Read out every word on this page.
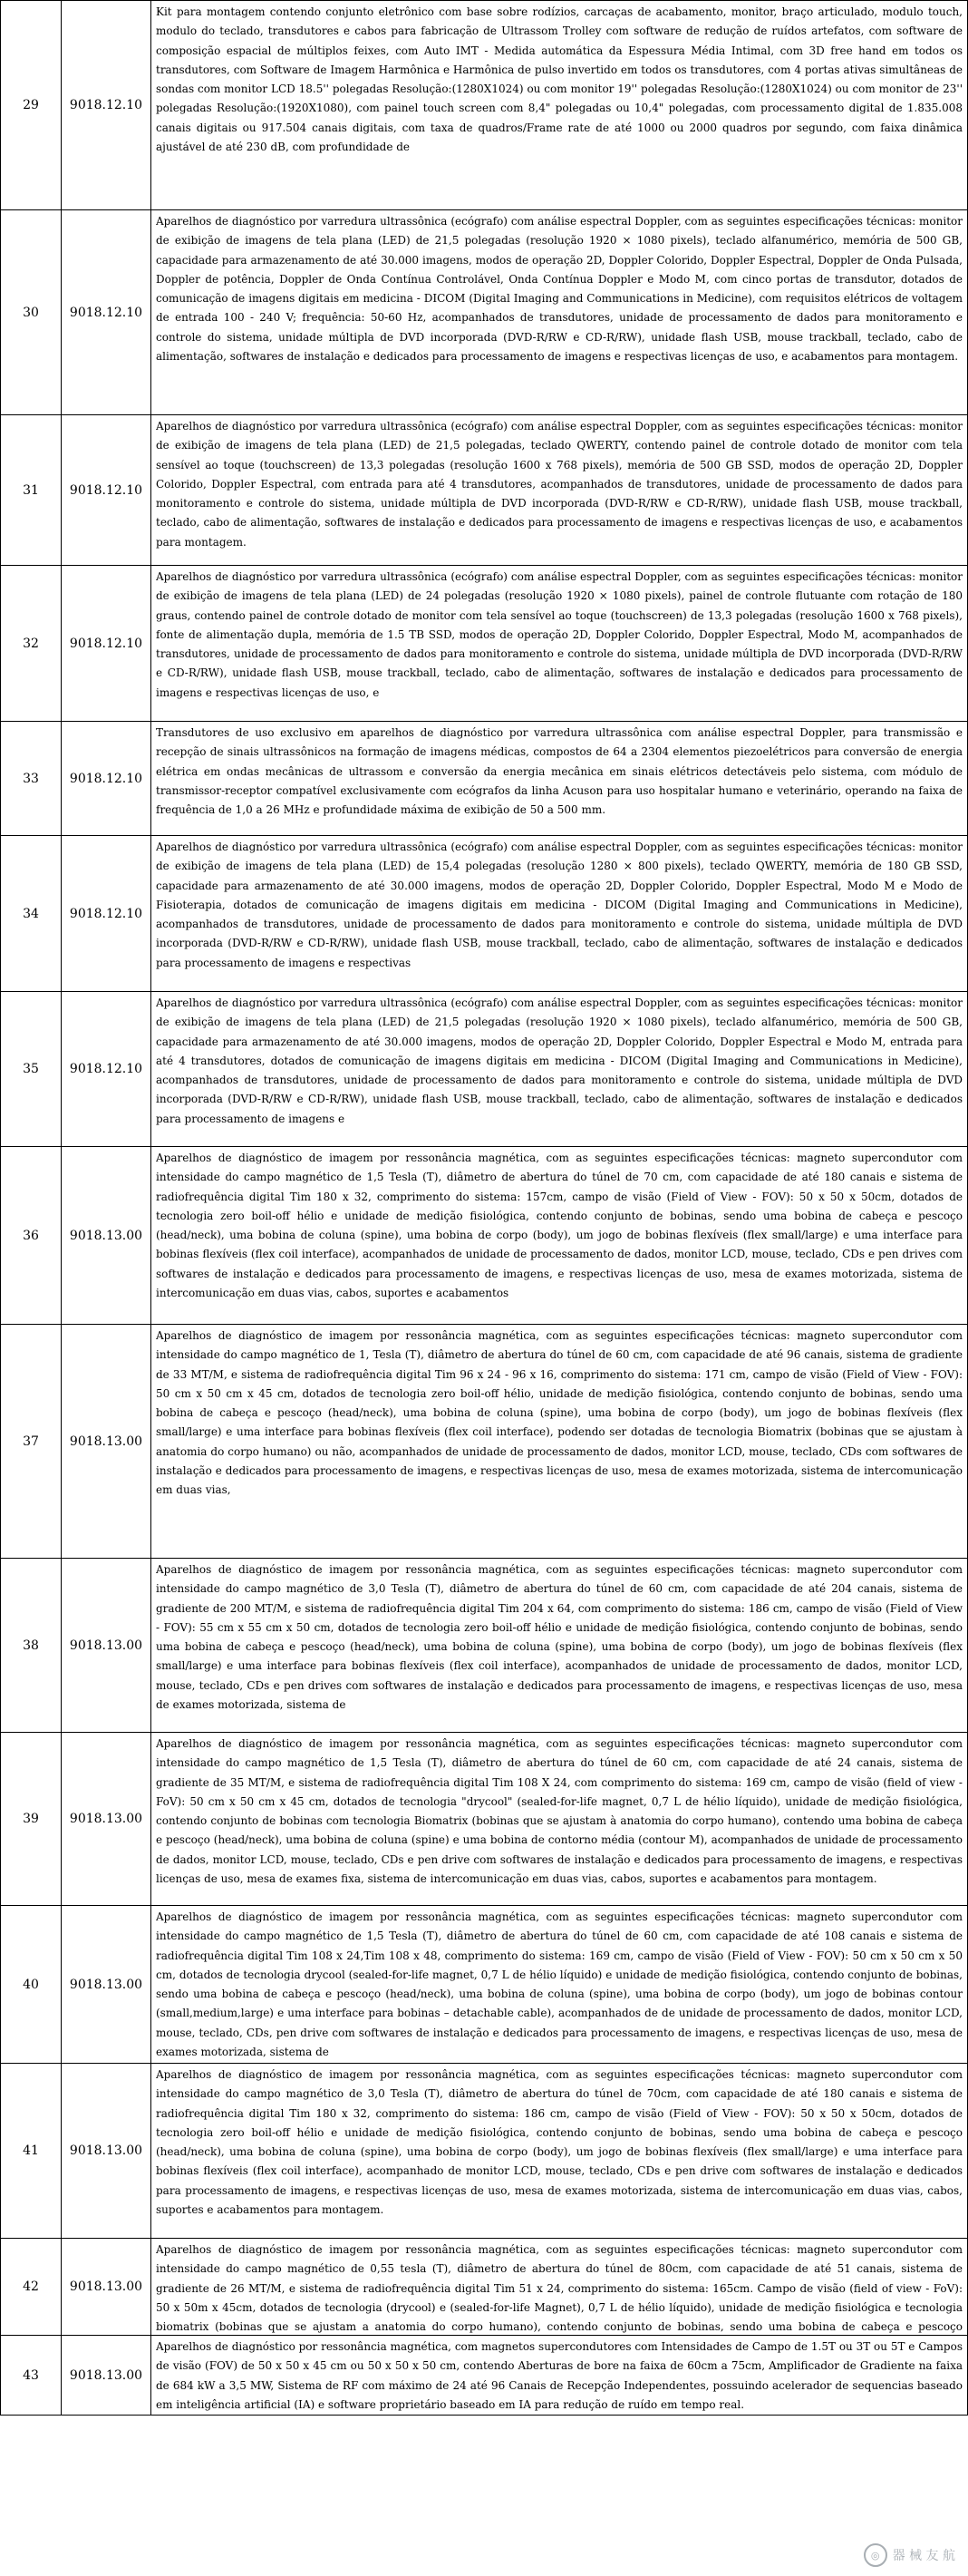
29	9018.12.10	Kit para montagem contendo conjunto eletrônico com base sobre rodízios, carcaças de acabamento, monitor, braço articulado, modulo touch, modulo do teclado, transdutores e cabos para fabricação de Ultrassom Trolley com software de redução de ruídos artefatos, com software de composição espacial de múltiplos feixes, com Auto IMT - Medida automática da Espessura Média Intimal, com 3D free hand em todos os transdutores, com Software de Imagem Harmônica e Harmônica de pulso invertido em todos os transdutores, com 4 portas ativas simultâneas de sondas com monitor LCD 18.5'' polegadas Resolução:(1280X1024) ou com monitor 19'' polegadas Resolução:(1280X1024) ou com monitor de 23'' polegadas Resolução:(1920X1080), com painel touch screen com 8,4" polegadas ou 10,4" polegadas, com processamento digital de 1.835.008 canais digitais ou 917.504 canais digitais, com taxa de quadros/Frame rate de até 1000 ou 2000 quadros por segundo, com faixa dinâmica ajustável de até 230 dB, com profundidade de

30	9018.12.10	Aparelhos de diagnóstico por varredura ultrassônica (ecógrafo) com análise espectral Doppler, com as seguintes especificações técnicas: monitor de exibição de imagens de tela plana (LED) de 21,5 polegadas (resolução 1920 × 1080 pixels), teclado alfanumérico, memória de 500 GB, capacidade para armazenamento de até 30.000 imagens, modos de operação 2D, Doppler Colorido, Doppler Espectral, Doppler de Onda Pulsada, Doppler de potência, Doppler de Onda Contínua Controlável, Onda Contínua Doppler e Modo M, com cinco portas de transdutor, dotados de comunicação de imagens digitais em medicina - DICOM (Digital Imaging and Communications in Medicine), com requisitos elétricos de voltagem de entrada 100 - 240 V; frequência: 50-60 Hz, acompanhados de transdutores, unidade de processamento de dados para monitoramento e controle do sistema, unidade múltipla de DVD incorporada (DVD-R/RW e CD-R/RW), unidade flash USB, mouse trackball, teclado, cabo de alimentação, softwares de instalação e dedicados para processamento de imagens e respectivas licenças de uso, e acabamentos para montagem.

31	9018.12.10	Aparelhos de diagnóstico por varredura ultrassônica (ecógrafo) com análise espectral Doppler, com as seguintes especificações técnicas: monitor de exibição de imagens de tela plana (LED) de 21,5 polegadas, teclado QWERTY, contendo painel de controle dotado de monitor com tela sensível ao toque (touchscreen) de 13,3 polegadas (resolução 1600 x 768 pixels), memória de 500 GB SSD, modos de operação 2D, Doppler Colorido, Doppler Espectral, com entrada para até 4 transdutores, acompanhados de transdutores, unidade de processamento de dados para monitoramento e controle do sistema, unidade múltipla de DVD incorporada (DVD-R/RW e CD-R/RW), unidade flash USB, mouse trackball, teclado, cabo de alimentação, softwares de instalação e dedicados para processamento de imagens e respectivas licenças de uso, e acabamentos para montagem.

32	9018.12.10	Aparelhos de diagnóstico por varredura ultrassônica (ecógrafo) com análise espectral Doppler, com as seguintes especificações técnicas: monitor de exibição de imagens de tela plana (LED) de 24 polegadas (resolução 1920 × 1080 pixels), painel de controle flutuante com rotação de 180 graus, contendo painel de controle dotado de monitor com tela sensível ao toque (touchscreen) de 13,3 polegadas (resolução 1600 x 768 pixels), fonte de alimentação dupla, memória de 1.5 TB SSD, modos de operação 2D, Doppler Colorido, Doppler Espectral, Modo M, acompanhados de transdutores, unidade de processamento de dados para monitoramento e controle do sistema, unidade múltipla de DVD incorporada (DVD-R/RW e CD-R/RW), unidade flash USB, mouse trackball, teclado, cabo de alimentação, softwares de instalação e dedicados para processamento de imagens e respectivas licenças de uso, e

33	9018.12.10	Transdutores de uso exclusivo em aparelhos de diagnóstico por varredura ultrassônica com análise espectral Doppler, para transmissão e recepção de sinais ultrassônicos na formação de imagens médicas, compostos de 64 a 2304 elementos piezoelétricos para conversão de energia elétrica em ondas mecânicas de ultrassom e conversão da energia mecânica em sinais elétricos detectáveis pelo sistema, com módulo de transmissor-receptor compatível exclusivamente com ecógrafos da linha Acuson para uso hospitalar humano e veterinário, operando na faixa de frequência de 1,0 a 26 MHz e profundidade máxima de exibição de 50 a 500 mm.

34	9018.12.10	Aparelhos de diagnóstico por varredura ultrassônica (ecógrafo) com análise espectral Doppler, com as seguintes especificações técnicas: monitor de exibição de imagens de tela plana (LED) de 15,4 polegadas (resolução 1280 × 800 pixels), teclado QWERTY, memória de 180 GB SSD, capacidade para armazenamento de até 30.000 imagens, modos de operação 2D, Doppler Colorido, Doppler Espectral, Modo M e Modo de Fisioterapia, dotados de comunicação de imagens digitais em medicina - DICOM (Digital Imaging and Communications in Medicine), acompanhados de transdutores, unidade de processamento de dados para monitoramento e controle do sistema, unidade múltipla de DVD incorporada (DVD-R/RW e CD-R/RW), unidade flash USB, mouse trackball, teclado, cabo de alimentação, softwares de instalação e dedicados para processamento de imagens e respectivas

35	9018.12.10	Aparelhos de diagnóstico por varredura ultrassônica (ecógrafo) com análise espectral Doppler, com as seguintes especificações técnicas: monitor de exibição de imagens de tela plana (LED) de 21,5 polegadas (resolução 1920 × 1080 pixels), teclado alfanumérico, memória de 500 GB, capacidade para armazenamento de até 30.000 imagens, modos de operação 2D, Doppler Colorido, Doppler Espectral e Modo M, entrada para até 4 transdutores, dotados de comunicação de imagens digitais em medicina - DICOM (Digital Imaging and Communications in Medicine), acompanhados de transdutores, unidade de processamento de dados para monitoramento e controle do sistema, unidade múltipla de DVD incorporada (DVD-R/RW e CD-R/RW), unidade flash USB, mouse trackball, teclado, cabo de alimentação, softwares de instalação e dedicados para processamento de imagens e

36	9018.13.00	Aparelhos de diagnóstico de imagem por ressonância magnética, com as seguintes especificações técnicas: magneto supercondutor com intensidade do campo magnético de 1,5 Tesla (T), diâmetro de abertura do túnel de 70 cm, com capacidade de até 180 canais e sistema de radiofrequência digital Tim 180 x 32, comprimento do sistema: 157cm, campo de visão (Field of View - FOV): 50 x 50 x 50cm, dotados de tecnologia zero boil-off hélio e unidade de medição fisiológica, contendo conjunto de bobinas, sendo uma bobina de cabeça e pescoço (head/neck), uma bobina de coluna (spine), uma bobina de corpo (body), um jogo de bobinas flexíveis (flex small/large) e uma interface para bobinas flexíveis (flex coil interface), acompanhados de unidade de processamento de dados, monitor LCD, mouse, teclado, CDs e pen drives com softwares de instalação e dedicados para processamento de imagens, e respectivas licenças de uso, mesa de exames motorizada, sistema de intercomunicação em duas vias, cabos, suportes e acabamentos

37	9018.13.00	Aparelhos de diagnóstico de imagem por ressonância magnética, com as seguintes especificações técnicas: magneto supercondutor com intensidade do campo magnético de 1, Tesla (T), diâmetro de abertura do túnel de 60 cm, com capacidade de até 96 canais, sistema de gradiente de 33 MT/M, e sistema de radiofrequência digital Tim 96 x 24 - 96 x 16, comprimento do sistema: 171 cm, campo de visão (Field of View - FOV): 50 cm x 50 cm x 45 cm, dotados de tecnologia zero boil-off hélio, unidade de medição fisiológica, contendo conjunto de bobinas, sendo uma bobina de cabeça e pescoço (head/neck), uma bobina de coluna (spine), uma bobina de corpo (body), um jogo de bobinas flexíveis (flex small/large) e uma interface para bobinas flexíveis (flex coil interface), podendo ser dotadas de tecnologia Biomatrix (bobinas que se ajustam à anatomia do corpo humano) ou não, acompanhados de unidade de processamento de dados, monitor LCD, mouse, teclado, CDs com softwares de instalação e dedicados para processamento de imagens, e respectivas licenças de uso, mesa de exames motorizada, sistema de intercomunicação em duas vias,

38	9018.13.00	Aparelhos de diagnóstico de imagem por ressonância magnética, com as seguintes especificações técnicas: magneto supercondutor com intensidade do campo magnético de 3,0 Tesla (T), diâmetro de abertura do túnel de 60 cm, com capacidade de até 204 canais, sistema de gradiente de 200 MT/M, e sistema de radiofrequência digital Tim 204 x 64, com comprimento do sistema: 186 cm, campo de visão (Field of View - FOV): 55 cm x 55 cm x 50 cm, dotados de tecnologia zero boil-off hélio e unidade de medição fisiológica, contendo conjunto de bobinas, sendo uma bobina de cabeça e pescoço (head/neck), uma bobina de coluna (spine), uma bobina de corpo (body), um jogo de bobinas flexíveis (flex small/large) e uma interface para bobinas flexíveis (flex coil interface), acompanhados de unidade de processamento de dados, monitor LCD, mouse, teclado, CDs e pen drives com softwares de instalação e dedicados para processamento de imagens, e respectivas licenças de uso, mesa de exames motorizada, sistema de

39	9018.13.00	Aparelhos de diagnóstico de imagem por ressonância magnética, com as seguintes especificações técnicas: magneto supercondutor com intensidade do campo magnético de 1,5 Tesla (T), diâmetro de abertura do túnel de 60 cm, com capacidade de até 24 canais, sistema de gradiente de 35 MT/M, e sistema de radiofrequência digital Tim 108 X 24, com comprimento do sistema: 169 cm, campo de visão (field of view - FoV): 50 cm x 50 cm x 45 cm, dotados de tecnologia "drycool" (sealed-for-life magnet, 0,7 L de hélio líquido), unidade de medição fisiológica, contendo conjunto de bobinas com tecnologia Biomatrix (bobinas que se ajustam à anatomia do corpo humano), contendo uma bobina de cabeça e pescoço (head/neck), uma bobina de coluna (spine) e uma bobina de contorno média (contour M), acompanhados de unidade de processamento de dados, monitor LCD, mouse, teclado, CDs e pen drive com softwares de instalação e dedicados para processamento de imagens, e respectivas licenças de uso, mesa de exames fixa, sistema de intercomunicação em duas vias, cabos, suportes e acabamentos para montagem.

40	9018.13.00	Aparelhos de diagnóstico de imagem por ressonância magnética, com as seguintes especificações técnicas: magneto supercondutor com intensidade do campo magnético de 1,5 Tesla (T), diâmetro de abertura do túnel de 60 cm, com capacidade de até 108 canais e sistema de radiofrequência digital Tim 108 x 24,Tim 108 x 48, comprimento do sistema: 169 cm, campo de visão (Field of View - FOV): 50 cm x 50 cm x 50 cm, dotados de tecnologia drycool (sealed-for-life magnet, 0,7 L de hélio líquido) e unidade de medição fisiológica, contendo conjunto de bobinas, sendo uma bobina de cabeça e pescoço (head/neck), uma bobina de coluna (spine), uma bobina de corpo (body), um jogo de bobinas contour (small,medium,large) e uma interface para bobinas – detachable cable), acompanhados de de unidade de processamento de dados, monitor LCD, mouse, teclado, CDs, pen drive com softwares de instalação e dedicados para processamento de imagens, e respectivas licenças de uso, mesa de exames motorizada, sistema de

41	9018.13.00	Aparelhos de diagnóstico de imagem por ressonância magnética, com as seguintes especificações técnicas: magneto supercondutor com intensidade do campo magnético de 3,0 Tesla (T), diâmetro de abertura do túnel de 70cm, com capacidade de até 180 canais e sistema de radiofrequência digital Tim 180 x 32, comprimento do sistema: 186 cm, campo de visão (Field of View - FOV): 50 x 50 x 50cm, dotados de tecnologia zero boil-off hélio e unidade de medição fisiológica, contendo conjunto de bobinas, sendo uma bobina de cabeça e pescoço (head/neck), uma bobina de coluna (spine), uma bobina de corpo (body), um jogo de bobinas flexíveis (flex small/large) e uma interface para bobinas flexíveis (flex coil interface), acompanhado de monitor LCD, mouse, teclado, CDs e pen drive com softwares de instalação e dedicados para processamento de imagens, e respectivas licenças de uso, mesa de exames motorizada, sistema de intercomunicação em duas vias, cabos, suportes e acabamentos para montagem.

42	9018.13.00	Aparelhos de diagnóstico de imagem por ressonância magnética, com as seguintes especificações técnicas: magneto supercondutor com intensidade do campo magnético de 0,55 tesla (T), diâmetro de abertura do túnel de 80cm, com capacidade de até 51 canais, sistema de gradiente de 26 MT/M, e sistema de radiofrequência digital Tim 51 x 24, comprimento do sistema: 165cm. Campo de visão (field of view - FoV): 50 x 50m x 45cm, dotados de tecnologia (drycool) e (sealed-for-life Magnet), 0,7 L de hélio líquido), unidade de medição fisiológica e tecnologia biomatrix (bobinas que se ajustam a anatomia do corpo humano), contendo conjunto de bobinas, sendo uma bobina de cabeça e pescoço

43	9018.13.00	Aparelhos de diagnóstico por ressonância magnética, com magnetos supercondutores com Intensidades de Campo de 1.5T ou 3T ou 5T e Campos de visão (FOV) de 50 x 50 x 45 cm ou 50 x 50 x 50 cm, contendo Aberturas de bore na faixa de 60cm a 75cm, Amplificador de Gradiente na faixa de 684 kW a 3,5 MW, Sistema de RF com máximo de 24 até 96 Canais de Recepção Independentes, possuindo acelerador de sequencias baseado em inteligência artificial (IA) e software proprietário baseado em IA para redução de ruído em tempo real.
◎	器 械 友 航
